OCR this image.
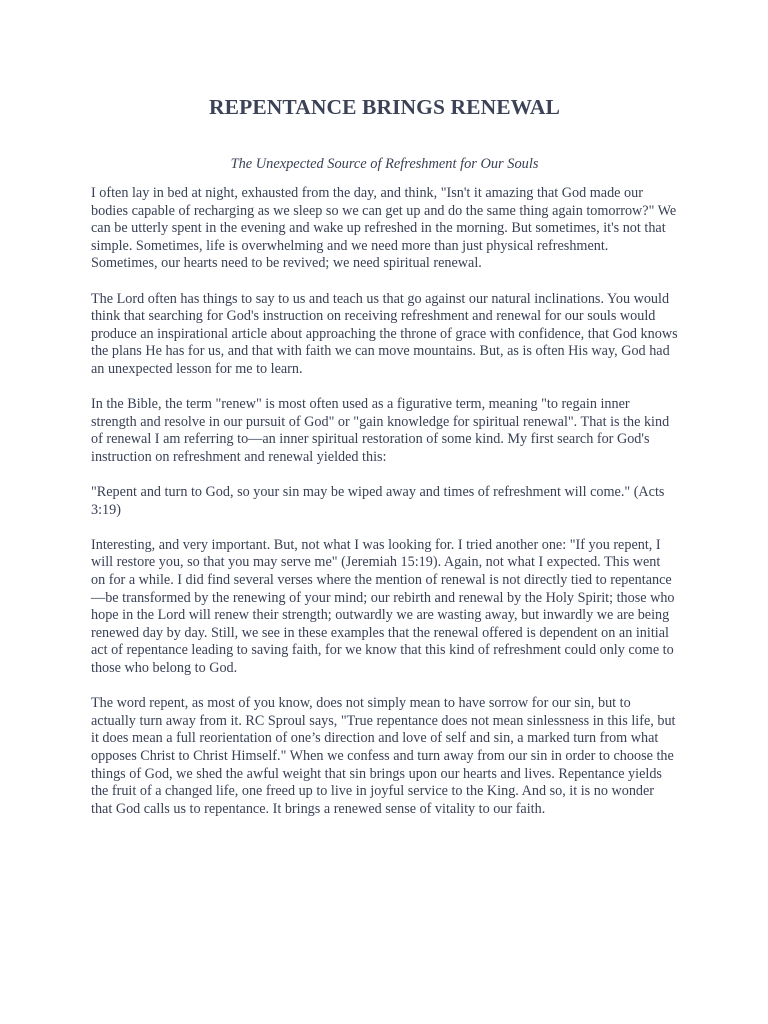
REPENTANCE BRINGS RENEWAL
The Unexpected Source of Refreshment for Our Souls

I often lay in bed at night, exhausted from the day, and think, "Isn't it amazing that God made our bodies capable of recharging as we sleep so we can get up and do the same thing again tomorrow?" We can be utterly spent in the evening and wake up refreshed in the morning. But sometimes, it's not that simple. Sometimes, life is overwhelming and we need more than just physical refreshment. Sometimes, our hearts need to be revived; we need spiritual renewal.

The Lord often has things to say to us and teach us that go against our natural inclinations. You would think that searching for God's instruction on receiving refreshment and renewal for our souls would produce an inspirational article about approaching the throne of grace with confidence, that God knows the plans He has for us, and that with faith we can move mountains. But, as is often His way, God had an unexpected lesson for me to learn.

In the Bible, the term "renew" is most often used as a figurative term, meaning "to regain inner strength and resolve in our pursuit of God" or "gain knowledge for spiritual renewal". That is the kind of renewal I am referring to—an inner spiritual restoration of some kind. My first search for God's instruction on refreshment and renewal yielded this:

"Repent and turn to God, so your sin may be wiped away and times of refreshment will come." (Acts 3:19)

Interesting, and very important. But, not what I was looking for. I tried another one: "If you repent, I will restore you, so that you may serve me" (Jeremiah 15:19). Again, not what I expected. This went on for a while. I did find several verses where the mention of renewal is not directly tied to repentance—be transformed by the renewing of your mind; our rebirth and renewal by the Holy Spirit; those who hope in the Lord will renew their strength; outwardly we are wasting away, but inwardly we are being renewed day by day. Still, we see in these examples that the renewal offered is dependent on an initial act of repentance leading to saving faith, for we know that this kind of refreshment could only come to those who belong to God.

The word repent, as most of you know, does not simply mean to have sorrow for our sin, but to actually turn away from it. RC Sproul says, "True repentance does not mean sinlessness in this life, but it does mean a full reorientation of one’s direction and love of self and sin, a marked turn from what opposes Christ to Christ Himself." When we confess and turn away from our sin in order to choose the things of God, we shed the awful weight that sin brings upon our hearts and lives. Repentance yields the fruit of a changed life, one freed up to live in joyful service to the King. And so, it is no wonder that God calls us to repentance. It brings a renewed sense of vitality to our faith.
